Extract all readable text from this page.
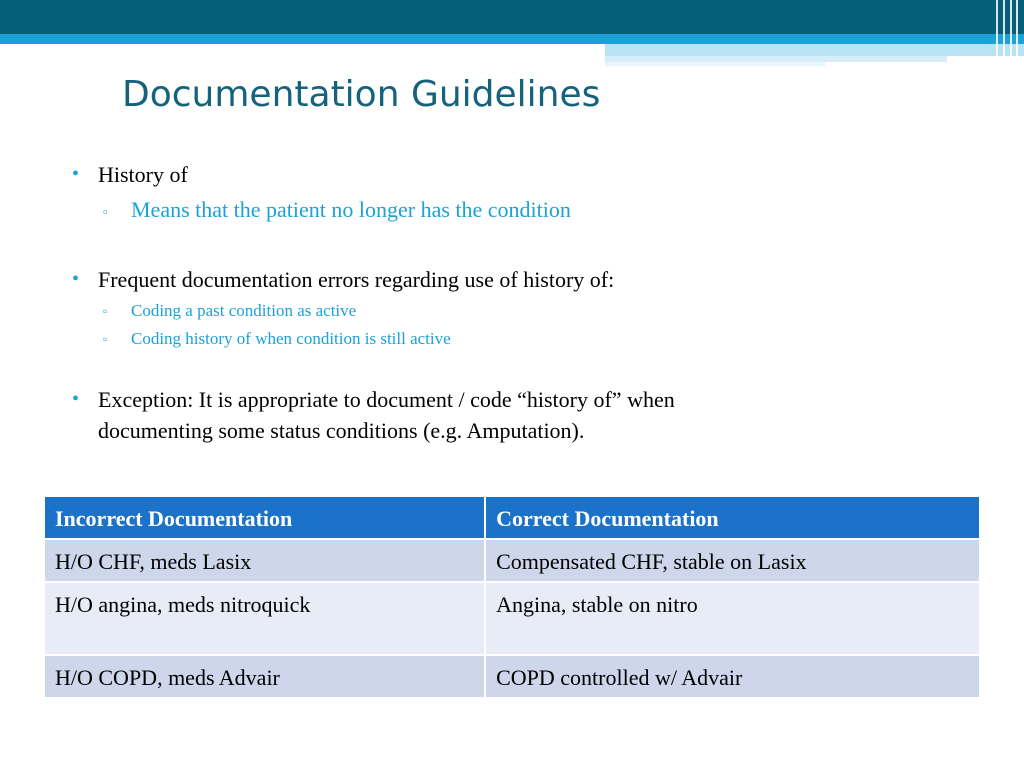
Documentation Guidelines
• History of
▫ Means that the patient no longer has the condition
• Frequent documentation errors regarding use of history of:
▫ Coding a past condition as active
▫ Coding history of when condition is still active
• Exception: It is appropriate to document / code “history of” when
documenting some status conditions (e.g. Amputation).
Incorrect Documentation	Correct Documentation
H/O CHF, meds Lasix	Compensated CHF, stable on Lasix
H/O angina, meds nitroquick	Angina, stable on nitro
H/O COPD, meds Advair	COPD controlled w/ Advair
